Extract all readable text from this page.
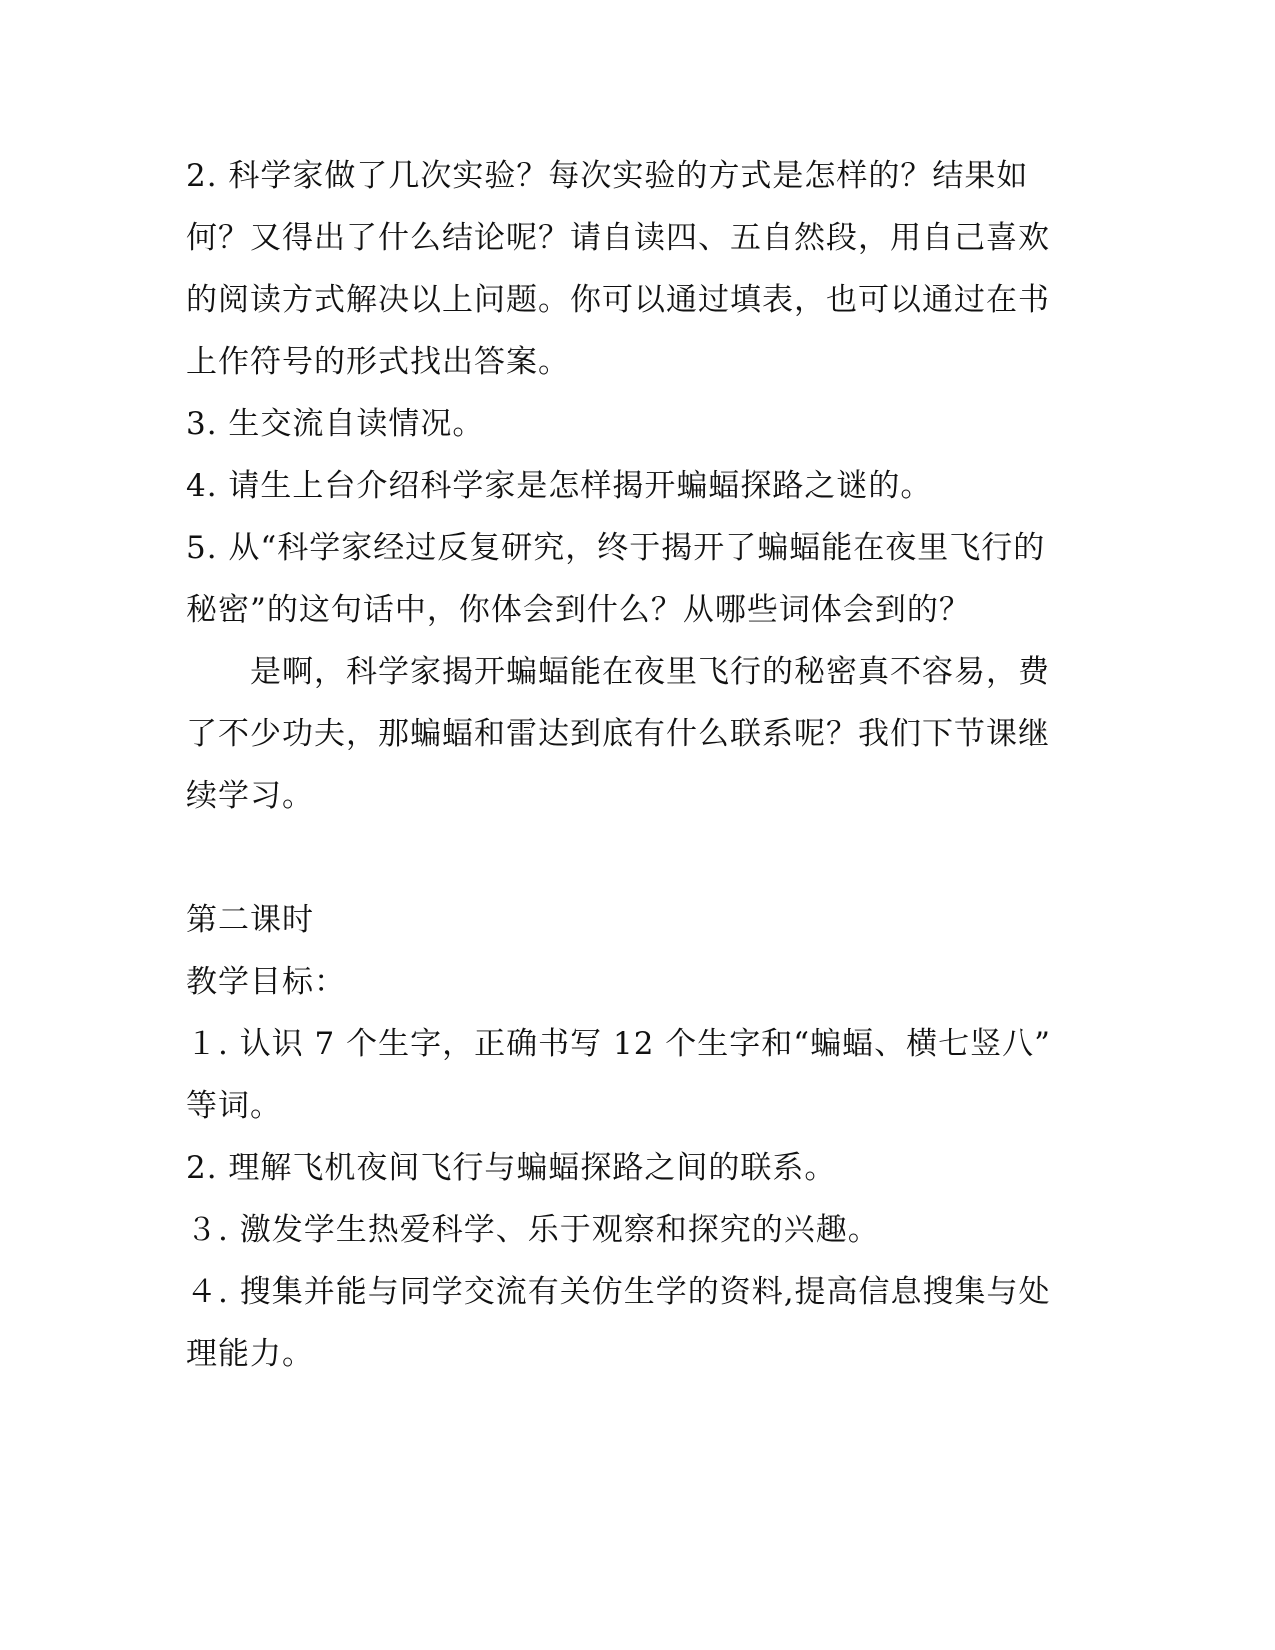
2. 科学家做了几次实验？每次实验的方式是怎样的？结果如

何？又得出了什么结论呢？请自读四、五自然段，用自己喜欢

的阅读方式解决以上问题。你可以通过填表，也可以通过在书

上作符号的形式找出答案。

3. 生交流自读情况。

4. 请生上台介绍科学家是怎样揭开蝙蝠探路之谜的。

5. 从“科学家经过反复研究，终于揭开了蝙蝠能在夜里飞行的

秘密”的这句话中，你体会到什么？从哪些词体会到的？

是啊，科学家揭开蝙蝠能在夜里飞行的秘密真不容易，费

了不少功夫，那蝙蝠和雷达到底有什么联系呢？我们下节课继

续学习。

第二课时

教学目标：

１. 认识 7 个生字，正确书写 12 个生字和“蝙蝠、横七竖八”

等词。

2. 理解飞机夜间飞行与蝙蝠探路之间的联系。

３. 激发学生热爱科学、乐于观察和探究的兴趣。

４. 搜集并能与同学交流有关仿生学的资料,提高信息搜集与处

理能力。
